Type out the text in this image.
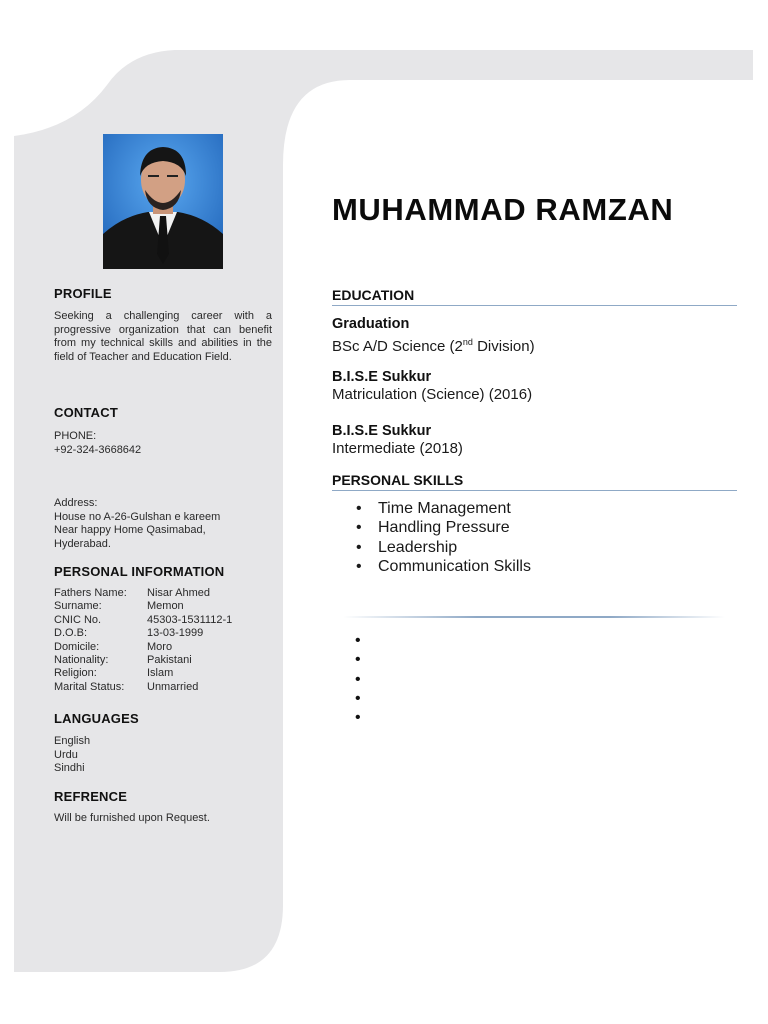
PROFILE

Seeking a challenging career with a progressive organization that can benefit from my technical skills and abilities in the field of Teacher and Education Field.

CONTACT

PHONE:

+92-324-3668642

Address:

House no A-26-Gulshan e kareem

Near happy Home Qasimabad,

Hyderabad.

PERSONAL INFORMATION

Fathers Name:	Nisar Ahmed
Surname:	Memon
CNIC No.	45303-1531112-1
D.O.B:	13-03-1999
Domicile:	Moro
Nationality:	Pakistani
Religion:	Islam
Marital Status:	Unmarried

LANGUAGES

English

Urdu

Sindhi

REFRENCE

Will be furnished upon Request.

MUHAMMAD RAMZAN

EDUCATION

Graduation

BSc A/D Science (2nd Division)

B.I.S.E Sukkur

Matriculation (Science) (2016)

B.I.S.E Sukkur

Intermediate (2018)

PERSONAL SKILLS

• Time Management
• Handling Pressure
• Leadership
• Communication Skills
•
•
•
•
•
